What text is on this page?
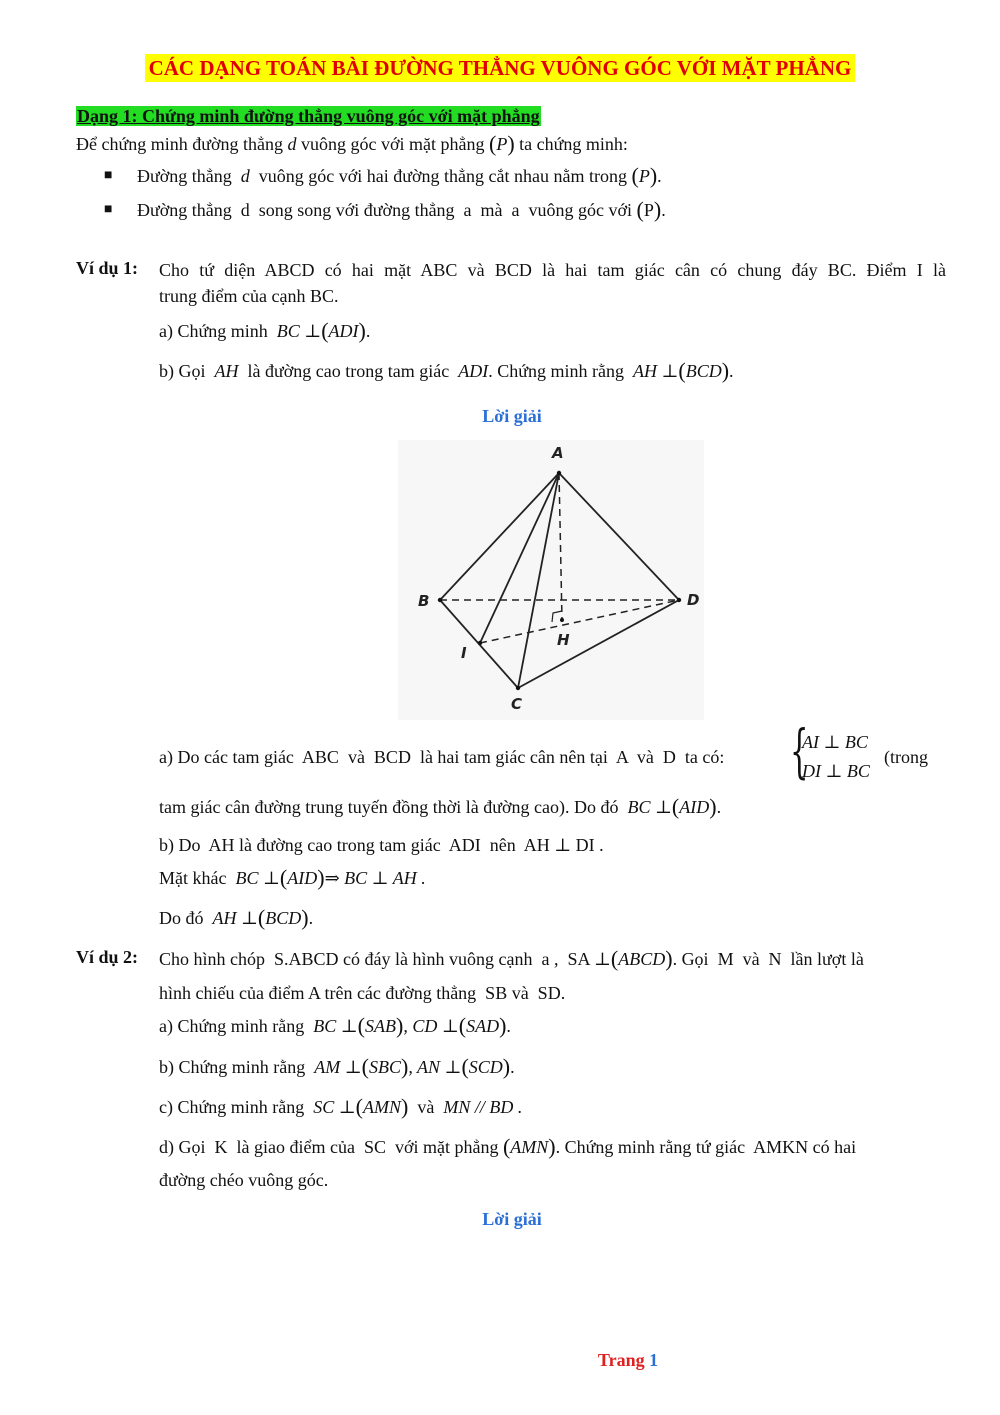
CÁC DẠNG TOÁN BÀI ĐƯỜNG THẲNG VUÔNG GÓC VỚI MẶT PHẲNG
Dạng 1: Chứng minh đường thẳng vuông góc với mặt phẳng
Để chứng minh đường thẳng d vuông góc với mặt phẳng (P) ta chứng minh:
■ Đường thẳng d vuông góc với hai đường thẳng cắt nhau nằm trong (P).
■ Đường thẳng  d  song song với đường thẳng  a  mà  a  vuông góc với (P).
Ví dụ 1: Cho tứ diện ABCD có hai mặt ABC và BCD là hai tam giác cân có chung đáy BC. Điểm I là
trung điểm của cạnh BC.
a) Chứng minh BC ⊥(ADI).
b) Gọi AH là đường cao trong tam giác ADI. Chứng minh rằng AH ⊥(BCD).
Lời giải
A
B	D
H
I
C
a) Do các tam giác  ABC  và  BCD  là hai tam giác cân nên tại  A  và  D  ta có: {
AI ⊥ BC
DI ⊥ BC
(trong
tam giác cân đường trung tuyến đồng thời là đường cao). Do đó BC ⊥(AID).
b) Do  AH là đường cao trong tam giác  ADI  nên  AH ⊥ DI .
Mặt khác BC ⊥(AID)⇒ BC ⊥ AH .
Do đó AH ⊥(BCD).
Ví dụ 2: Cho hình chóp  S.ABCD có đáy là hình vuông cạnh  a ,  SA ⊥(ABCD). Gọi  M  và  N  lần lượt là
hình chiếu của điểm A trên các đường thẳng  SB và  SD.
a) Chứng minh rằng BC ⊥(SAB), CD ⊥(SAD).
b) Chứng minh rằng AM ⊥(SBC), AN ⊥(SCD).
c) Chứng minh rằng SC ⊥(AMN) và MN // BD .
d) Gọi  K  là giao điểm của  SC  với mặt phẳng (AMN). Chứng minh rằng tứ giác  AMKN có hai
đường chéo vuông góc.
Lời giải
Trang 1
